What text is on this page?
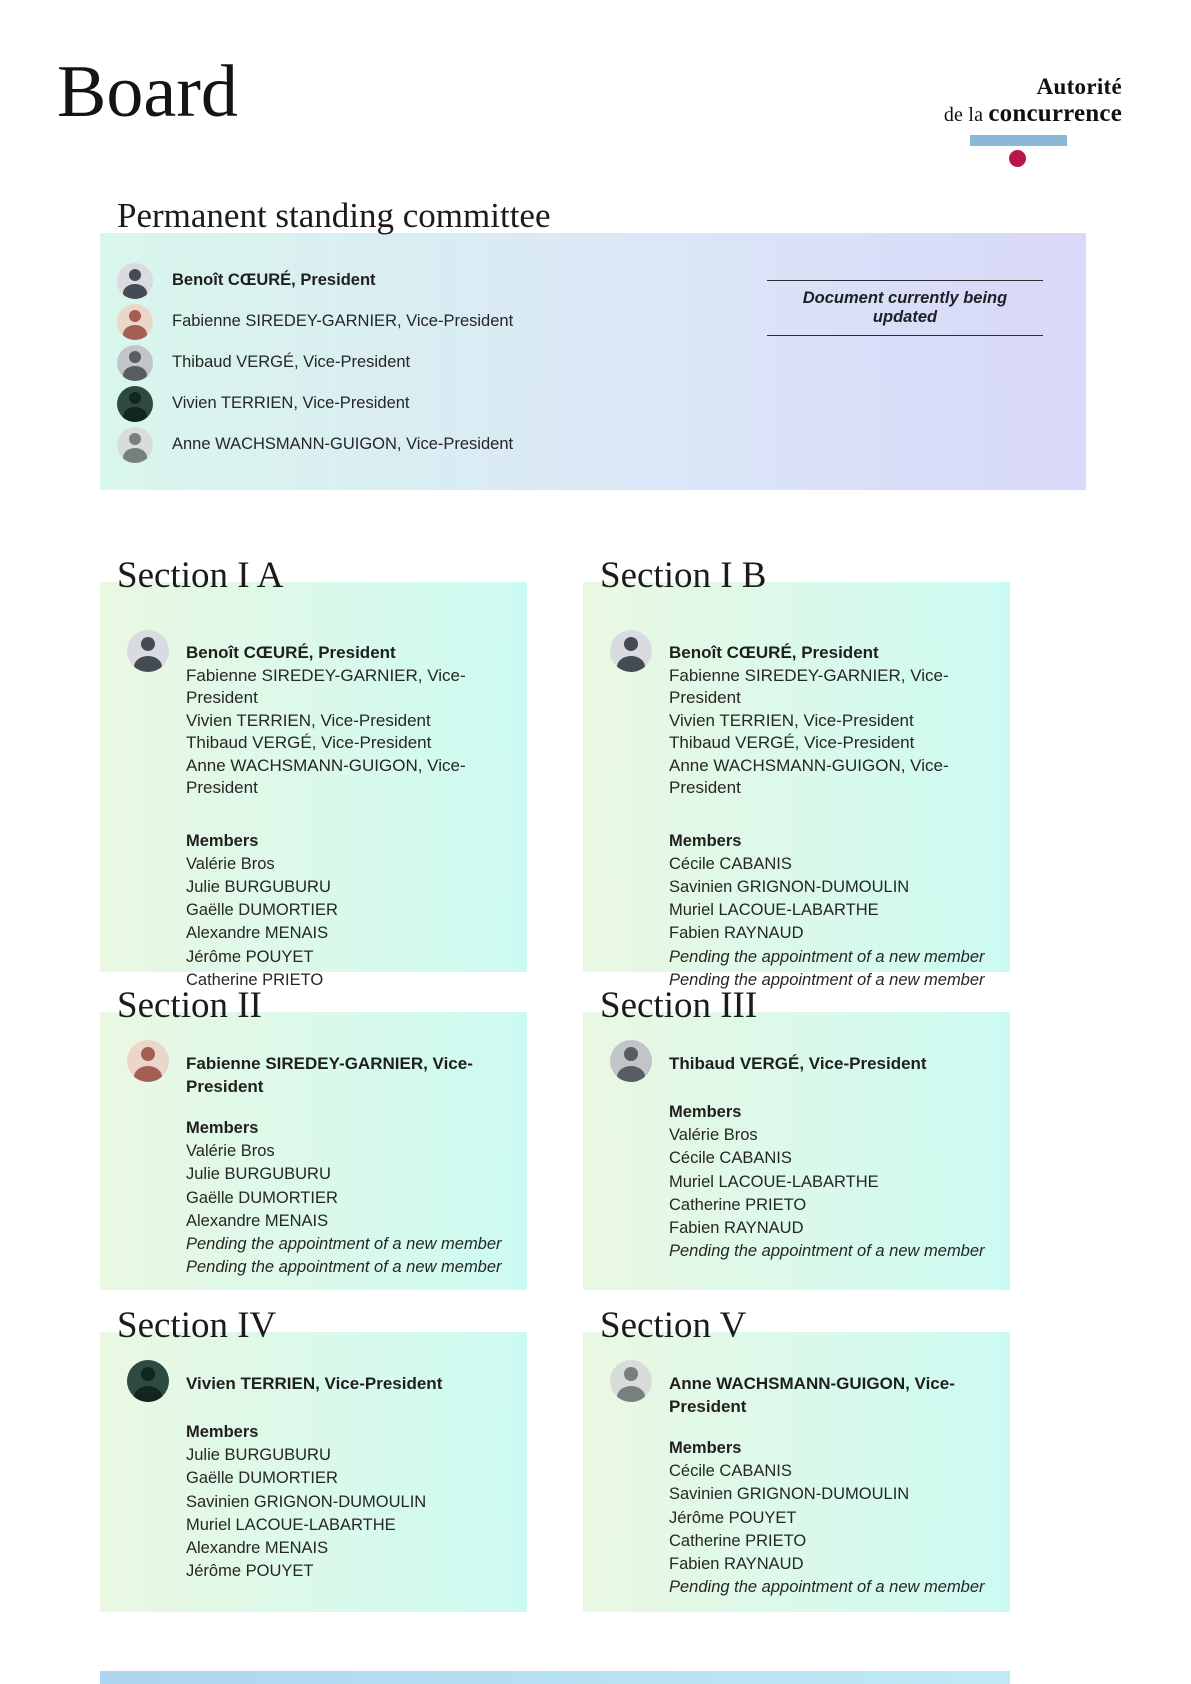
Board	Autorité
de la concurrence
Permanent standing committee
Benoît CŒURÉ, President
Fabienne SIREDEY-GARNIER, Vice-President
Thibaud VERGÉ, Vice-President
Vivien TERRIEN, Vice-President
Anne WACHSMANN-GUIGON, Vice-President
Document currently being updated
Section I A
Benoît CŒURÉ, President
Fabienne SIREDEY-GARNIER, Vice-President
Vivien TERRIEN, Vice-President
Thibaud VERGÉ, Vice-President
Anne WACHSMANN-GUIGON, Vice-President
Members
Valérie Bros
Julie BURGUBURU
Gaëlle DUMORTIER
Alexandre MENAIS
Jérôme POUYET
Catherine PRIETO
Section I B
Benoît CŒURÉ, President
Fabienne SIREDEY-GARNIER, Vice-President
Vivien TERRIEN, Vice-President
Thibaud VERGÉ, Vice-President
Anne WACHSMANN-GUIGON, Vice-President
Members
Cécile CABANIS
Savinien GRIGNON-DUMOULIN
Muriel LACOUE-LABARTHE
Fabien RAYNAUD
Pending the appointment of a new member
Pending the appointment of a new member
Section II
Fabienne SIREDEY-GARNIER, Vice-President
Members
Valérie Bros
Julie BURGUBURU
Gaëlle DUMORTIER
Alexandre MENAIS
Pending the appointment of a new member
Pending the appointment of a new member
Section III
Thibaud VERGÉ, Vice-President
Members
Valérie Bros
Cécile CABANIS
Muriel LACOUE-LABARTHE
Catherine PRIETO
Fabien RAYNAUD
Pending the appointment of a new member
Section IV
Vivien TERRIEN, Vice-President
Members
Julie BURGUBURU
Gaëlle DUMORTIER
Savinien GRIGNON-DUMOULIN
Muriel LACOUE-LABARTHE
Alexandre MENAIS
Jérôme POUYET
Section V
Anne WACHSMANN-GUIGON, Vice-President
Members
Cécile CABANIS
Savinien GRIGNON-DUMOULIN
Jérôme POUYET
Catherine PRIETO
Fabien RAYNAUD
Pending the appointment of a new member
